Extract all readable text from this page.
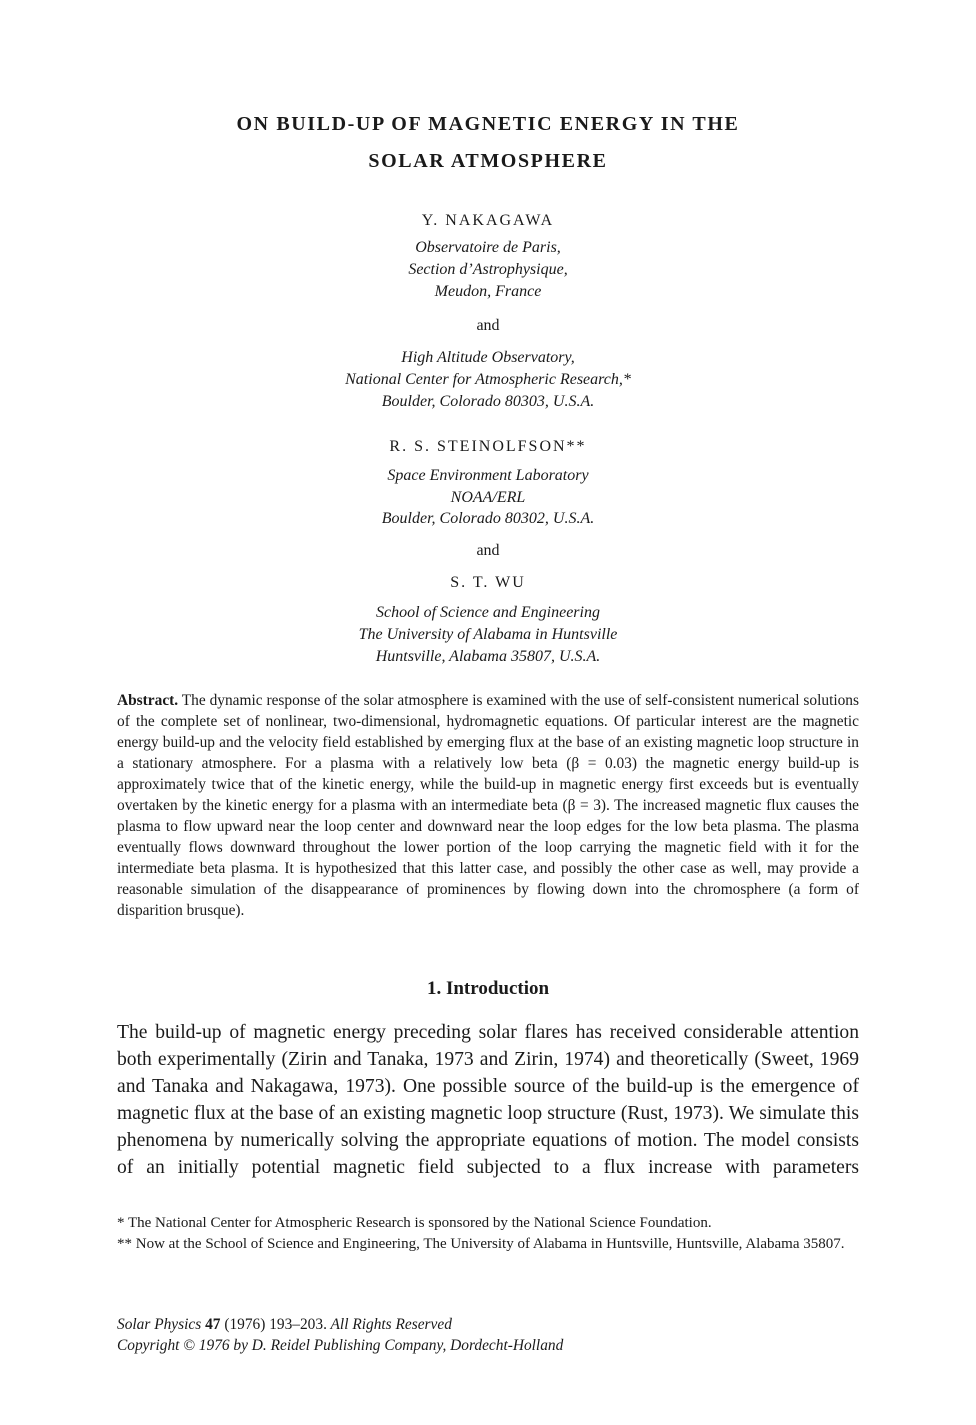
ON BUILD-UP OF MAGNETIC ENERGY IN THE
SOLAR ATMOSPHERE
Y. NAKAGAWA
Observatoire de Paris,
Section d’Astrophysique,
Meudon, France
and
High Altitude Observatory,
National Center for Atmospheric Research,*
Boulder, Colorado 80303, U.S.A.
R. S. STEINOLFSON**
Space Environment Laboratory
NOAA/ERL
Boulder, Colorado 80302, U.S.A.
and
S. T. WU
School of Science and Engineering
The University of Alabama in Huntsville
Huntsville, Alabama 35807, U.S.A.
Abstract. The dynamic response of the solar atmosphere is examined with the use of self-consistent numerical solutions of the complete set of nonlinear, two-dimensional, hydromagnetic equations. Of particular interest are the magnetic energy build-up and the velocity field established by emerging flux at the base of an existing magnetic loop structure in a stationary atmosphere. For a plasma with a relatively low beta (β = 0.03) the magnetic energy build-up is approximately twice that of the kinetic energy, while the build-up in magnetic energy first exceeds but is eventually overtaken by the kinetic energy for a plasma with an intermediate beta (β = 3). The increased magnetic flux causes the plasma to flow upward near the loop center and downward near the loop edges for the low beta plasma. The plasma eventually flows downward throughout the lower portion of the loop carrying the magnetic field with it for the intermediate beta plasma. It is hypothesized that this latter case, and possibly the other case as well, may provide a reasonable simulation of the disappearance of prominences by flowing down into the chromosphere (a form of disparition brusque).
1. Introduction
The build-up of magnetic energy preceding solar flares has received considerable attention both experimentally (Zirin and Tanaka, 1973 and Zirin, 1974) and theoretically (Sweet, 1969 and Tanaka and Nakagawa, 1973). One possible source of the build-up is the emergence of magnetic flux at the base of an existing magnetic loop structure (Rust, 1973). We simulate this phenomena by numerically solving the appropriate equations of motion. The model consists of an initially potential magnetic field subjected to a flux increase with parameters

* The National Center for Atmospheric Research is sponsored by the National Science Foundation.

** Now at the School of Science and Engineering, The University of Alabama in Huntsville, Huntsville, Alabama 35807.

Solar Physics 47 (1976) 193–203. All Rights Reserved

Copyright © 1976 by D. Reidel Publishing Company, Dordecht-Holland
